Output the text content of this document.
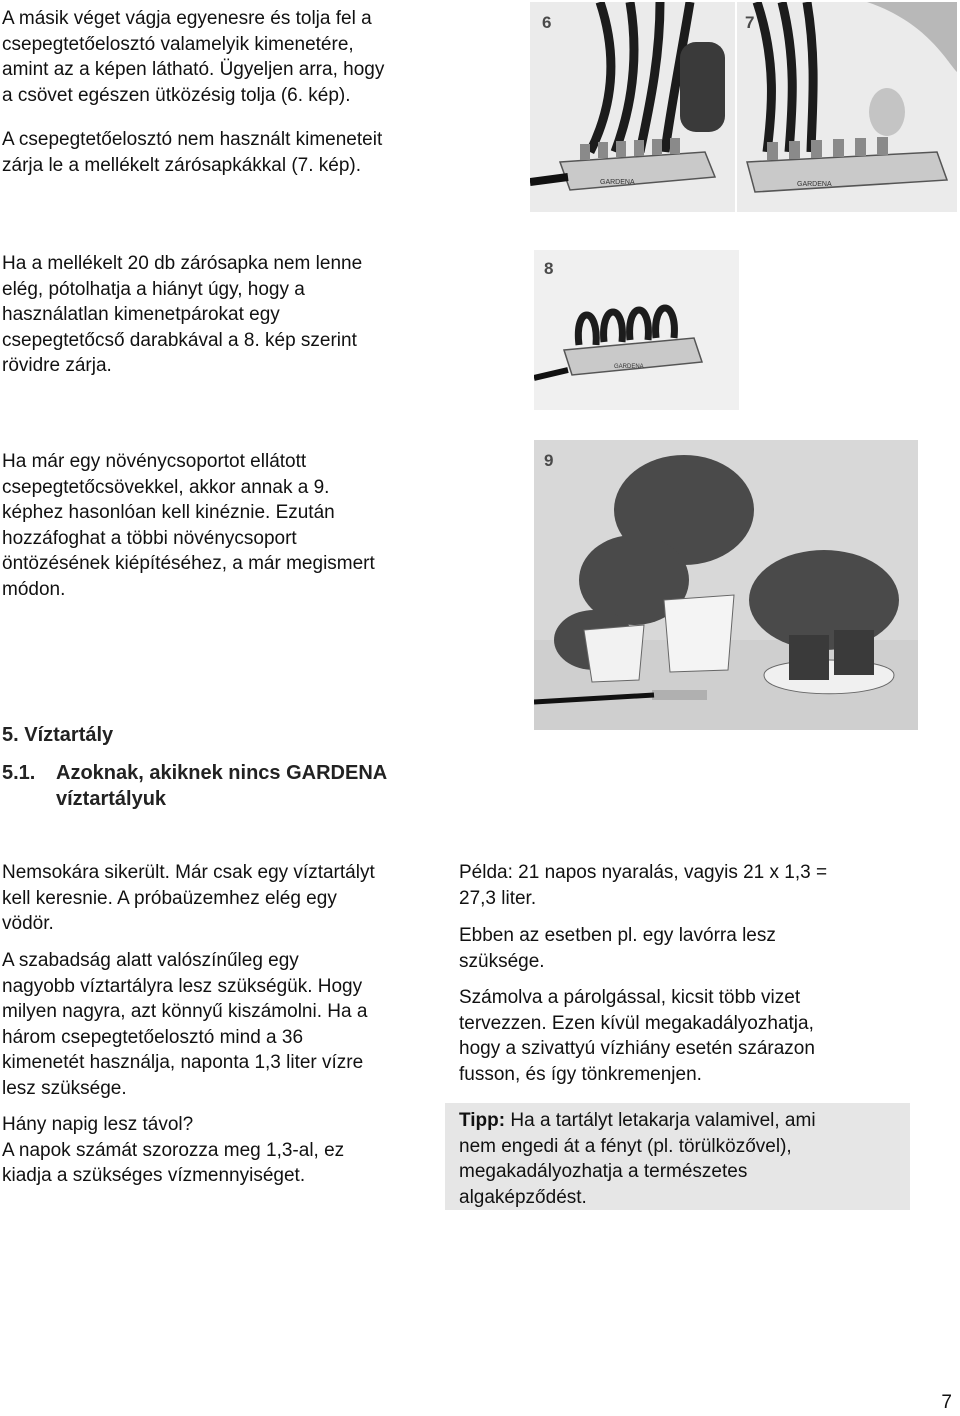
A másik véget vágja egyenesre és tolja fel a
csepegtetőelosztó valamelyik kimenetére,
amint az a képen látható. Ügyeljen arra, hogy
a csövet egészen ütközésig tolja (6. kép).
A csepegtetőelosztó nem használt kimeneteit
zárja le a mellékelt zárósapkákkal (7. kép).
Ha a mellékelt 20 db zárósapka nem lenne
elég, pótolhatja a hiányt úgy, hogy a
használatlan kimenetpárokat egy
csepegtetőcső darabkával a 8. kép szerint
rövidre zárja.
Ha már egy növénycsoportot ellátott
csepegtetőcsövekkel, akkor annak a 9.
képhez hasonlóan kell kinéznie. Ezután
hozzáfoghat a többi növénycsoport
öntözésének kiépítéséhez, a már megismert
módon.
6
GARDENA
7
GARDENA
8
GARDENA
9
5. Víztartály
5.1. Azoknak, akiknek nincs GARDENA
víztartályuk
Nemsokára sikerült. Már csak egy víztartályt
kell keresnie. A próbaüzemhez elég egy
vödör.
A szabadság alatt valószínűleg egy
nagyobb víztartályra lesz szükségük. Hogy
milyen nagyra, azt könnyű kiszámolni. Ha a
három csepegtetőelosztó mind a 36
kimenetét használja, naponta 1,3 liter vízre
lesz szüksége.
Hány napig lesz távol?
A napok számát szorozza meg 1,3-al, ez
kiadja a szükséges vízmennyiséget.
Példa: 21 napos nyaralás, vagyis 21 x 1,3 =
27,3 liter.
Ebben az esetben pl. egy lavórra lesz
szüksége.
Számolva a párolgással, kicsit több vizet
tervezzen. Ezen kívül megakadályozhatja,
hogy a szivattyú vízhiány esetén szárazon
fusson, és így tönkremenjen.
Tipp: Ha a tartályt letakarja valamivel, ami
nem engedi át a fényt (pl. törülközővel),
megakadályozhatja a természetes
algaképződést.
7
